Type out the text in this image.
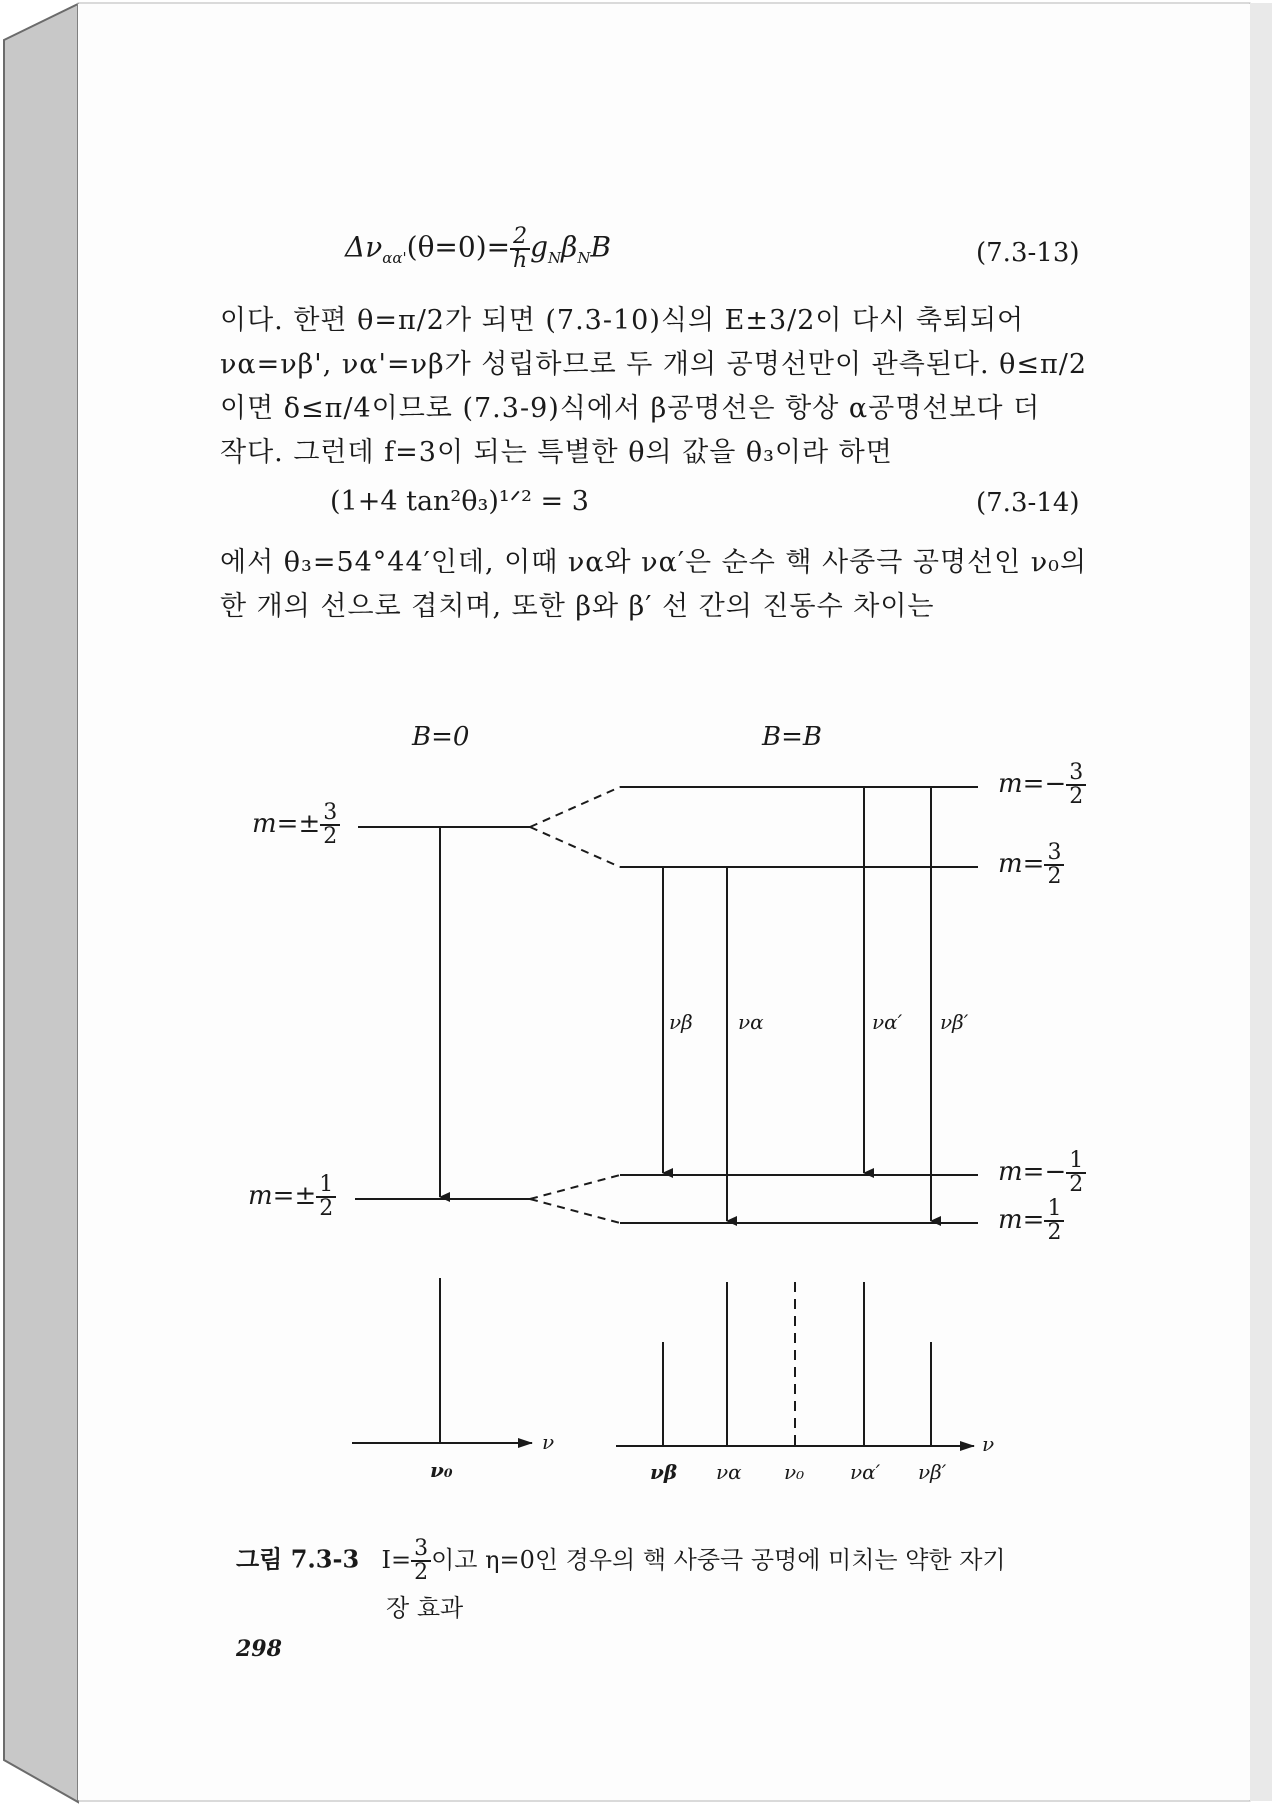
$\Delta\nu_{\alpha\alpha'}(\theta=0)= \frac{2}{h} g_N\beta_NB$	(7.3-13)
이다. 한편 θ=π/2가 되면 (7.3-10)식의 E±3/2이 다시 축퇴되어
να=νβ', να'=νβ가 성립하므로 두 개의 공명선만이 관측된다. θ≤π/2
이면 δ≤π/4이므로 (7.3-9)식에서 β공명선은 항상 α공명선보다 더
작다. 그런데 f=3이 되는 특별한 θ의 값을 θ₃이라 하면
(1+4 tan²θ₃)¹ᐟ² = 3	(7.3-14)
에서 θ₃=54°44′인데, 이때 να와 να′은 순수 핵 사중극 공명선인 ν₀의
한 개의 선으로 겹치며, 또한 β와 β′ 선 간의 진동수 차이는
B=0	B=B
$m=\pm \frac{3}{2}$
$m=\pm \frac{1}{2}$
$m=- \frac{3}{2}$
$m= \frac{3}{2}$
$m=- \frac{1}{2}$
$m= \frac{1}{2}$
νβ να	να′ νβ′
ν
ν₀
ν
νβ να ν₀ να′ νβ′
그림 7.3-3 $I= \frac{3}{2}$ 이고 η=0인 경우의 핵 사중극 공명에 미치는 약한 자기
장 효과
298
